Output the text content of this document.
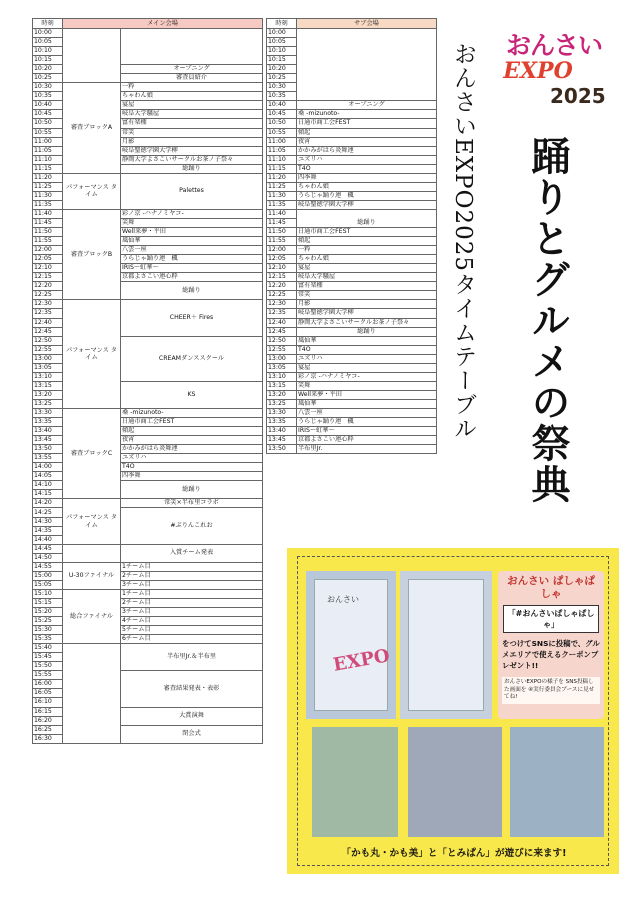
時刻	メイン会場	
10:00		
10:05		
10:10		
10:15		
10:20		オープニング
10:25		審査員紹介
10:30	審査ブロックA	一粋
10:35		ちゃわん娘
10:40		宴屋
10:45		岐阜大学騒屋
10:50		富有楽種
10:55		常笑
11:00		月影
11:05		岐阜聖徳学園大学柳
11:10		静岡大学よさこいサークルお茶ノ子祭々
11:15		総踊り
11:20	パフォーマンス タイム	Palettes
11:25		
11:30		
11:35		
11:40	審査ブロックB	彩ノ京 -ハナノミヤコ-
11:45		笑舞
11:50		Well来夢・平田
11:55		風仙華
12:00		八雲一座
12:05		うらじゃ踊り連　楓
12:10		IRIS〜虹華〜
12:15		京都よさこい連心粋
12:20		総踊り
12:25		
12:30	パフォーマンス タイム	CHEER＋ Fires
12:35		
12:40		
12:45		
12:50		CREAMダンススクール
12:55		
13:00		
13:05		
13:10		
13:15		KS
13:20		
13:25		
13:30	審査ブロックC	桑 -mizunoto-
13:35		日通市商工会FEST
13:40		傾起
13:45		夜宵
13:50		かかみがはら炎舞連
13:55		ユズリハ
14:00		T4O
14:05		四季舞
14:10		総踊り
14:15		
14:20	パフォーマンス タイム	常笑×半布里コラボ
14:25		#ぷりんこれお
14:30		
14:35		
14:40		
14:45		入賞チーム発表
14:50		
14:55	U-30ファイナル	1チーム目
15:00		2チーム目
15:05		3チーム目
15:10	総合ファイナル	1チーム目
15:15		2チーム目
15:20		3チーム目
15:25		4チーム目
15:30		5チーム目
15:35		6チーム目
15:40		半布里Jr.＆半布里
15:45		
15:50		
15:55		審査結果発表・表彰
16:00		
16:05		
16:10		
16:15		大賞演舞
16:20		
16:25		閉会式
16:30		
時刻	サブ会場
10:00	
10:05	
10:10	
10:15	
10:20	
10:25	
10:30	
10:35	
10:40	オープニング
10:45	桑 -mizunoto-
10:50	日通市商工会FEST
10:55	傾起
11:00	夜宵
11:05	かかみがはら炎舞連
11:10	ユズリハ
11:15	T4O
11:20	四季舞
11:25	ちゃわん娘
11:30	うらじゃ踊り連　楓
11:35	岐阜聖徳学園大学柳
11:40	総踊り
11:45	
11:50	日通市商工会FEST
11:55	傾起
12:00	一粋
12:05	ちゃわん娘
12:10	宴屋
12:15	岐阜大学騒屋
12:20	富有楽種
12:25	常笑
12:30	月影
12:35	岐阜聖徳学園大学柳
12:40	静岡大学よさこいサークルお茶ノ子祭々
12:45	総踊り
12:50	風仙華
12:55	T4O
13:00	ユズリハ
13:05	宴屋
13:10	彩ノ京 -ハナノミヤコ-
13:15	笑舞
13:20	Well来夢・平田
13:25	風仙華
13:30	八雲一座
13:35	うらじゃ踊り連　楓
13:40	IRIS〜虹華〜
13:45	京都よさこい連心粋
13:50	半布里Jr.
おんさい
EXPO
2025
おんさいEXPO2025タイムテーブル 踊りとグルメの祭典
おんさい
EXPO
おんさい ぱしゃぱしゃ
「#おんさいぱしゃぱしゃ」
をつけてSNSに投稿で、グルメエリアで使えるクーポンプレゼント!!
おんさいEXPOの様子を SNS投稿した画面を ④実行委員会ブースに見せてね!
「かも丸・かも美」と「とみぱん」が遊びに来ます!
